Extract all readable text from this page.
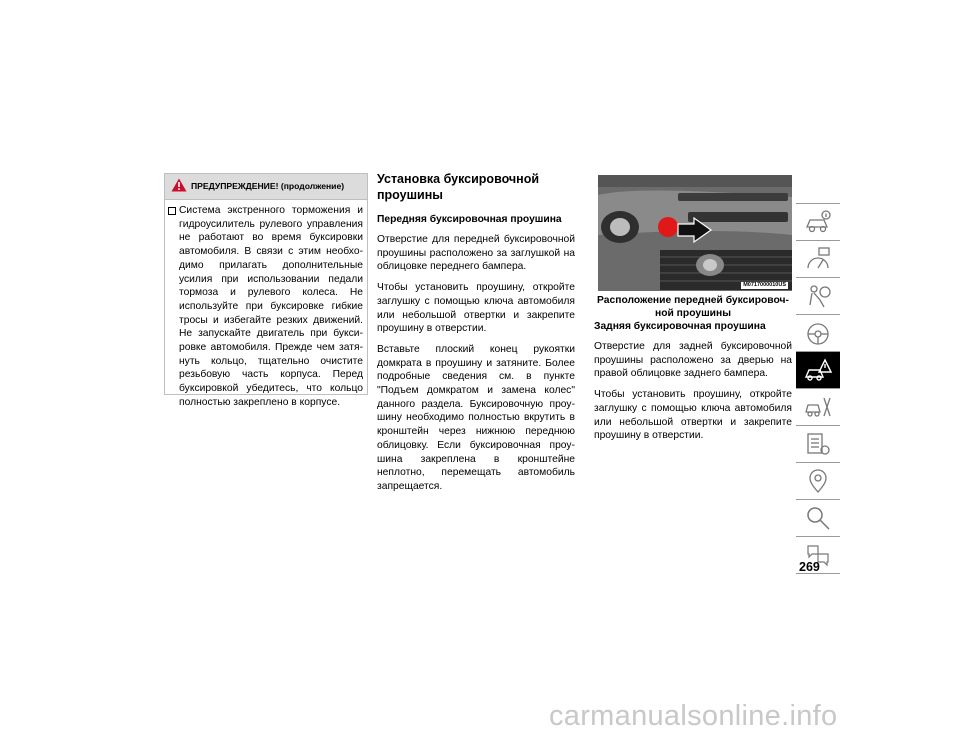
ПРЕДУПРЕЖДЕНИЕ! (продолжение)
Система экстренного торможения и гидроусилитель рулевого управления не работают во время буксировки автомобиля. В связи с этим необхо-димо прилагать дополнительные усилия при использовании педали тормоза и рулевого колеса. Не используйте при буксировке гибкие тросы и избегайте резких движений. Не запускайте двигатель при букси-ровке автомобиля. Прежде чем затя-нуть кольцо, тщательно очистите резьбовую часть корпуса. Перед буксировкой убедитесь, что кольцо полностью закреплено в корпусе.
Установка буксировочной проушины
Передняя буксировочная проушина

Отверстие для передней буксировочной проушины расположено за заглушкой на облицовке переднего бампера.

Чтобы установить проушину, откройте заглушку с помощью ключа автомобиля или небольшой отвертки и закрепите проушину в отверстии.

Вставьте плоский конец рукоятки домкрата в проушину и затяните. Более подробные сведения см. в пункте "Подъем домкратом и замена колес" данного раздела. Буксировочную проу-шину необходимо полностью вкрутить в кронштейн через нижнюю переднюю облицовку. Если буксировочная проу-шина закреплена в кронштейне неплотно, перемещать автомобиль запрещается.

M0717000010US
Расположение передней буксировоч-ной проушины
Задняя буксировочная проушина

Отверстие для задней буксировочной проушины расположено за дверью на правой облицовке заднего бампера.

Чтобы установить проушину, откройте заглушку с помощью ключа автомобиля или небольшой отвертки и закрепите проушину в отверстии.

269
carmanualsonline.info
